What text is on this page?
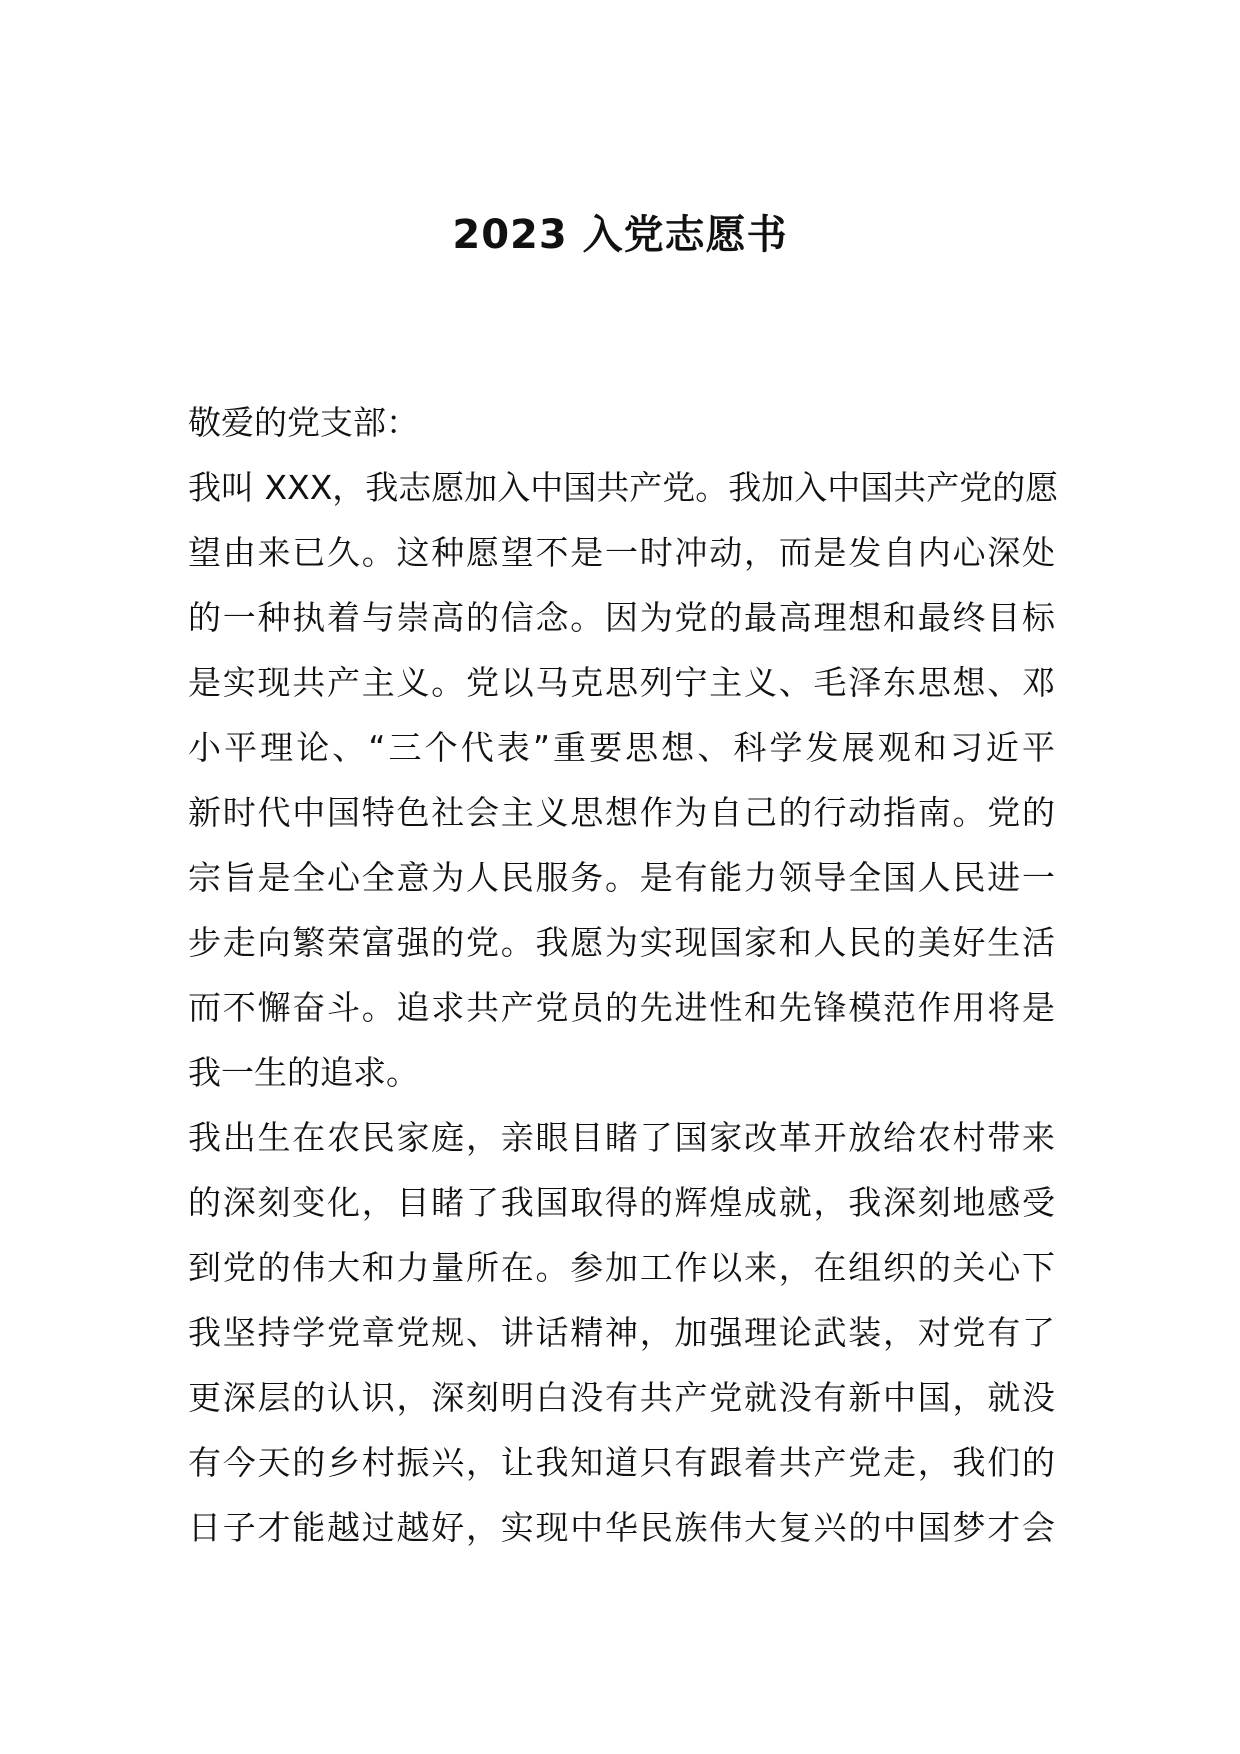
2023 入党志愿书
敬爱的党支部：
我叫 XXX，我志愿加入中国共产党。我加入中国共产党的愿
望由来已久。这种愿望不是一时冲动，而是发自内心深处
的一种执着与崇高的信念。因为党的最高理想和最终目标
是实现共产主义。党以马克思列宁主义、毛泽东思想、邓
小平理论、“三个代表”重要思想、科学发展观和习近平
新时代中国特色社会主义思想作为自己的行动指南。党的
宗旨是全心全意为人民服务。是有能力领导全国人民进一
步走向繁荣富强的党。我愿为实现国家和人民的美好生活
而不懈奋斗。追求共产党员的先进性和先锋模范作用将是
我一生的追求。
我出生在农民家庭，亲眼目睹了国家改革开放给农村带来
的深刻变化，目睹了我国取得的辉煌成就，我深刻地感受
到党的伟大和力量所在。参加工作以来，在组织的关心下
我坚持学党章党规、讲话精神，加强理论武装，对党有了
更深层的认识，深刻明白没有共产党就没有新中国，就没
有今天的乡村振兴，让我知道只有跟着共产党走，我们的
日子才能越过越好，实现中华民族伟大复兴的中国梦才会
